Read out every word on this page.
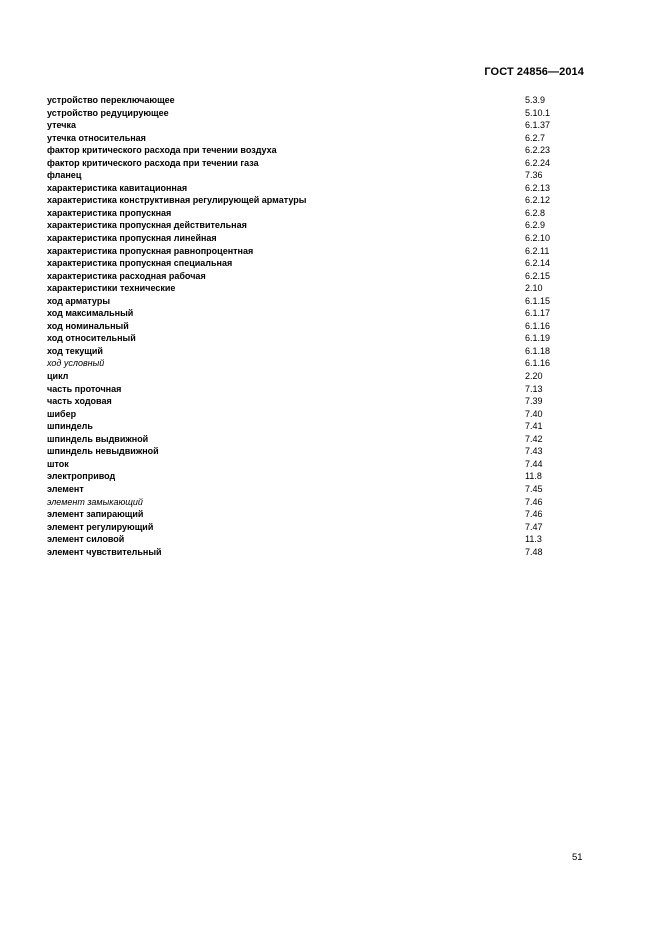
ГОСТ 24856—2014
устройство переключающее	5.3.9
устройство редуцирующее	5.10.1
утечка	6.1.37
утечка относительная	6.2.7
фактор критического расхода при течении воздуха	6.2.23
фактор критического расхода при течении газа	6.2.24
фланец	7.36
характеристика кавитационная	6.2.13
характеристика конструктивная регулирующей арматуры	6.2.12
характеристика пропускная	6.2.8
характеристика пропускная действительная	6.2.9
характеристика пропускная линейная	6.2.10
характеристика пропускная равнопроцентная	6.2.11
характеристика пропускная специальная	6.2.14
характеристика расходная рабочая	6.2.15
характеристики технические	2.10
ход арматуры	6.1.15
ход максимальный	6.1.17
ход номинальный	6.1.16
ход относительный	6.1.19
ход текущий	6.1.18
ход условный	6.1.16
цикл	2.20
часть проточная	7.13
часть ходовая	7.39
шибер	7.40
шпиндель	7.41
шпиндель выдвижной	7.42
шпиндель невыдвижной	7.43
шток	7.44
электропривод	11.8
элемент	7.45
элемент замыкающий	7.46
элемент запирающий	7.46
элемент регулирующий	7.47
элемент силовой	11.3
элемент чувствительный	7.48
51
